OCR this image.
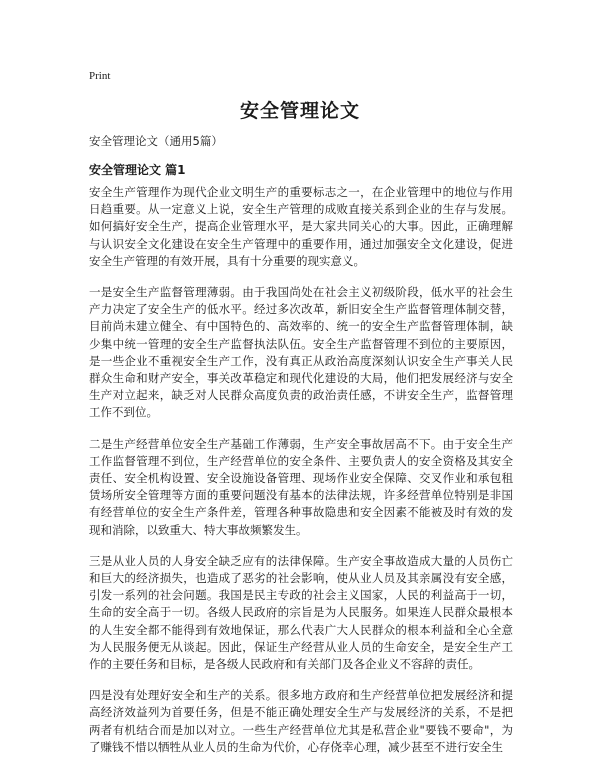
Print
安全管理论文
安全管理论文（通用5篇）
安全管理论文 篇1

安全生产管理作为现代企业文明生产的重要标志之一，在企业管理中的地位与作用日趋重要。从一定意义上说，安全生产管理的成败直接关系到企业的生存与发展。如何搞好安全生产，提高企业管理水平，是大家共同关心的大事。因此，正确理解与认识安全文化建设在安全生产管理中的重要作用，通过加强安全文化建设，促进安全生产管理的有效开展，具有十分重要的现实意义。

一是安全生产监督管理薄弱。由于我国尚处在社会主义初级阶段，低水平的社会生产力决定了安全生产的低水平。经过多次改革，新旧安全生产监督管理体制交替，目前尚未建立健全、有中国特色的、高效率的、统一的安全生产监督管理体制，缺少集中统一管理的安全生产监督执法队伍。安全生产监督管理不到位的主要原因，是一些企业不重视安全生产工作，没有真正从政治高度深刻认识安全生产事关人民群众生命和财产安全，事关改革稳定和现代化建设的大局，他们把发展经济与安全生产对立起来，缺乏对人民群众高度负责的政治责任感，不讲安全生产，监督管理工作不到位。

二是生产经营单位安全生产基础工作薄弱，生产安全事故居高不下。由于安全生产工作监督管理不到位，生产经营单位的安全条件、主要负责人的安全资格及其安全责任、安全机构设置、安全设施设备管理、现场作业安全保障、交叉作业和承包租赁场所安全管理等方面的重要问题没有基本的法律法规，许多经营单位特别是非国有经营单位的安全生产条件差，管理各种事故隐患和安全因素不能被及时有效的发现和消除，以致重大、特大事故频繁发生。

三是从业人员的人身安全缺乏应有的法律保障。生产安全事故造成大量的人员伤亡和巨大的经济损失，也造成了恶劣的社会影响，使从业人员及其亲属没有安全感，引发一系列的社会问题。我国是民主专政的社会主义国家，人民的利益高于一切，生命的安全高于一切。各级人民政府的宗旨是为人民服务。如果连人民群众最根本的人生安全都不能得到有效地保证，那么代表广大人民群众的根本利益和全心全意为人民服务便无从谈起。因此，保证生产经营从业人员的生命安全，是安全生产工作的主要任务和目标，是各级人民政府和有关部门及各企业义不容辞的责任。

四是没有处理好安全和生产的关系。很多地方政府和生产经营单位把发展经济和提高经济效益列为首要任务，但是不能正确处理安全生产与发展经济的关系，不是把两者有机结合而是加以对立。一些生产经营单位尤其是私营企业"要钱不要命"，为了赚钱不惜以牺牲从业人员的生命为代价，心存侥幸心理，减少甚至不进行安全生
